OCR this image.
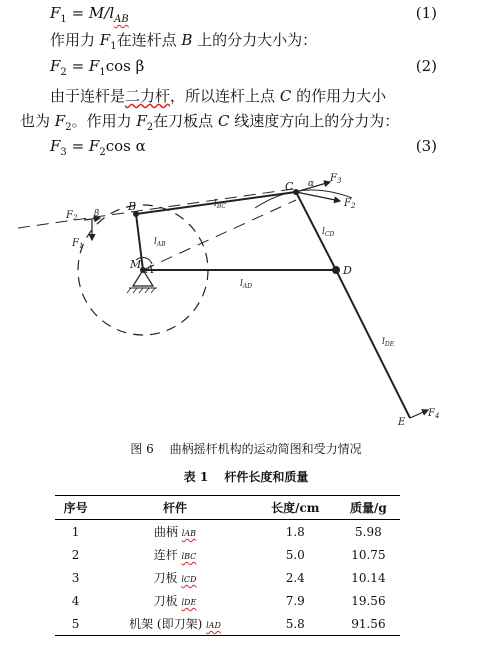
$F_1 = M/l_{AB}$	(1)
作用力 $F_1$在连杆点 B 上的分力大小为：
$F_2 = F_1\cos$ β	(2)
由于连杆是二力杆，所以连杆上点 C 的作用力大小
也为 $F_2$。作用力 $F_2$在刀板点 C 线速度方向上的分力为：
$F_3 = F_2\cos$ α	(3)
B
C
D
A
M
E
β
α
$F_2$
$F_1$
$F_2$
$F_3$
$F_4$
$l_{BC}$
$l_{AB}$
$l_{AD}$
$l_{CD}$
$l_{DE}$
图 6　 曲柄摇杆机构的运动简图和受力情况
表 1　 杆件长度和质量
序号	杆件	长度/cm	质量/g
1	曲柄 lAB	1.8	5.98
2	连杆 lBC	5.0	10.75
3	刀板 lCD	2.4	10.14
4	刀板 lDE	7.9	19.56
5	机架 (即刀架) lAD	5.8	91.56
